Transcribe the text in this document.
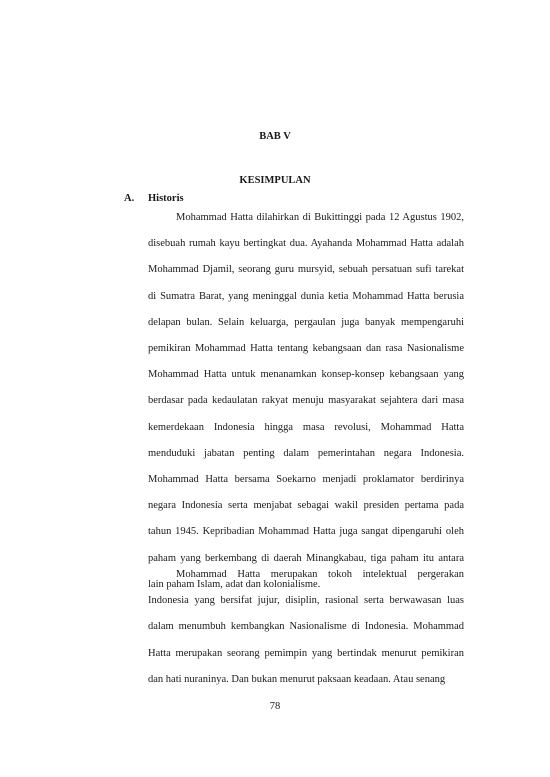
BAB V
KESIMPULAN
A. Historis

Mohammad Hatta dilahirkan di Bukittinggi pada 12 Agustus 1902, disebuah rumah kayu bertingkat dua. Ayahanda Mohammad Hatta adalah Mohammad Djamil, seorang guru mursyid, sebuah persatuan sufi tarekat di Sumatra Barat, yang meninggal dunia ketia Mohammad Hatta berusia delapan bulan. Selain keluarga, pergaulan juga banyak mempengaruhi pemikiran Mohammad Hatta tentang kebangsaan dan rasa Nasionalisme Mohammad Hatta untuk menanamkan konsep-konsep kebangsaan yang berdasar pada kedaulatan rakyat menuju masyarakat sejahtera dari masa kemerdekaan Indonesia hingga masa revolusi, Mohammad Hatta menduduki jabatan penting dalam pemerintahan negara Indonesia. Mohammad Hatta bersama Soekarno menjadi proklamator berdirinya negara Indonesia serta menjabat sebagai wakil presiden pertama pada tahun 1945. Kepribadian Mohammad Hatta juga sangat dipengaruhi oleh paham yang berkembang di daerah Minangkabau, tiga paham itu antara lain paham Islam, adat dan kolonialisme.

Mohammad Hatta merupakan tokoh intelektual pergerakan Indonesia yang bersifat jujur, disiplin, rasional serta berwawasan luas dalam menumbuh kembangkan Nasionalisme di Indonesia. Mohammad Hatta merupakan seorang pemimpin yang bertindak menurut pemikiran dan hati nuraninya. Dan bukan menurut paksaan keadaan. Atau senang

78
